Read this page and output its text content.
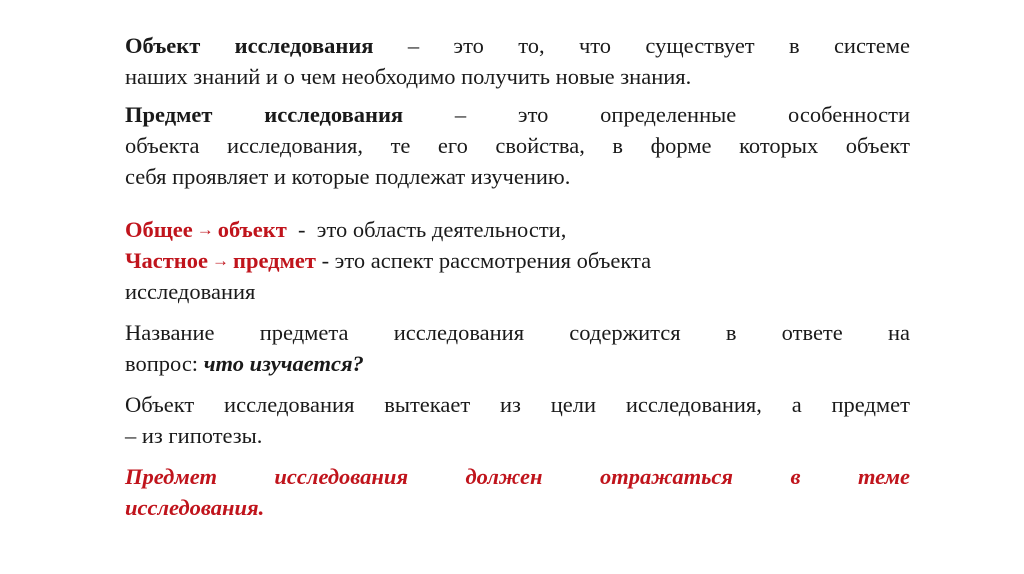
Объект исследования – это то, что существует в системе

наших знаний и о чем необходимо получить новые знания.

Предмет исследования – это определенные особенности

объекта исследования, те его свойства, в форме которых объект

себя проявляет и которые подлежат изучению.

Общее → объект  -  это область деятельности,

Частное → предмет - это аспект рассмотрения объекта

исследования

Название предмета исследования содержится в ответе на

вопрос: что изучается?

Объект исследования вытекает из цели исследования, а предмет

– из гипотезы.

Предмет исследования должен отражаться в теме

исследования.
